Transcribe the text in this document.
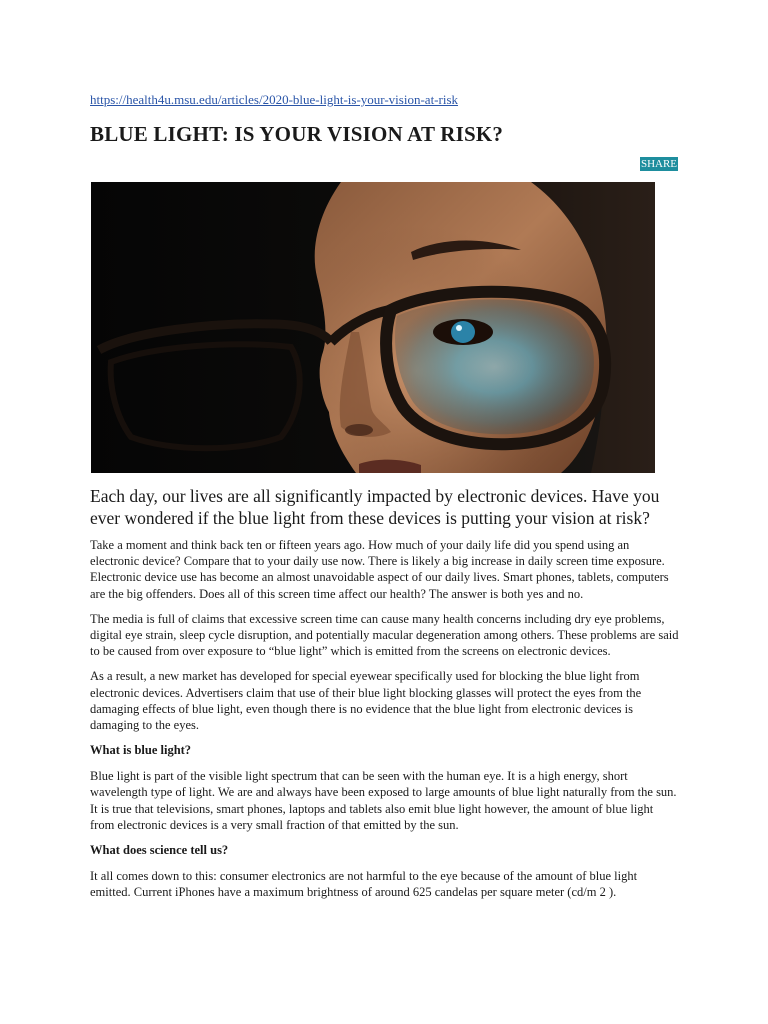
https://health4u.msu.edu/articles/2020-blue-light-is-your-vision-at-risk
BLUE LIGHT: IS YOUR VISION AT RISK?
SHARE

Each day, our lives are all significantly impacted by electronic devices. Have you ever wondered if the blue light from these devices is putting your vision at risk?

Take a moment and think back ten or fifteen years ago. How much of your daily life did you spend using an electronic device? Compare that to your daily use now. There is likely a big increase in daily screen time exposure. Electronic device use has become an almost unavoidable aspect of our daily lives. Smart phones, tablets, computers are the big offenders. Does all of this screen time affect our health? The answer is both yes and no.

The media is full of claims that excessive screen time can cause many health concerns including dry eye problems, digital eye strain, sleep cycle disruption, and potentially macular degeneration among others. These problems are said to be caused from over exposure to “blue light” which is emitted from the screens on electronic devices.

As a result, a new market has developed for special eyewear specifically used for blocking the blue light from electronic devices. Advertisers claim that use of their blue light blocking glasses will protect the eyes from the damaging effects of blue light, even though there is no evidence that the blue light from electronic devices is damaging to the eyes.

What is blue light?

Blue light is part of the visible light spectrum that can be seen with the human eye. It is a high energy, short wavelength type of light. We are and always have been exposed to large amounts of blue light naturally from the sun. It is true that televisions, smart phones, laptops and tablets also emit blue light however, the amount of blue light from electronic devices is a very small fraction of that emitted by the sun.

What does science tell us?

It all comes down to this: consumer electronics are not harmful to the eye because of the amount of blue light emitted. Current iPhones have a maximum brightness of around 625 candelas per square meter (cd/m 2 ).
